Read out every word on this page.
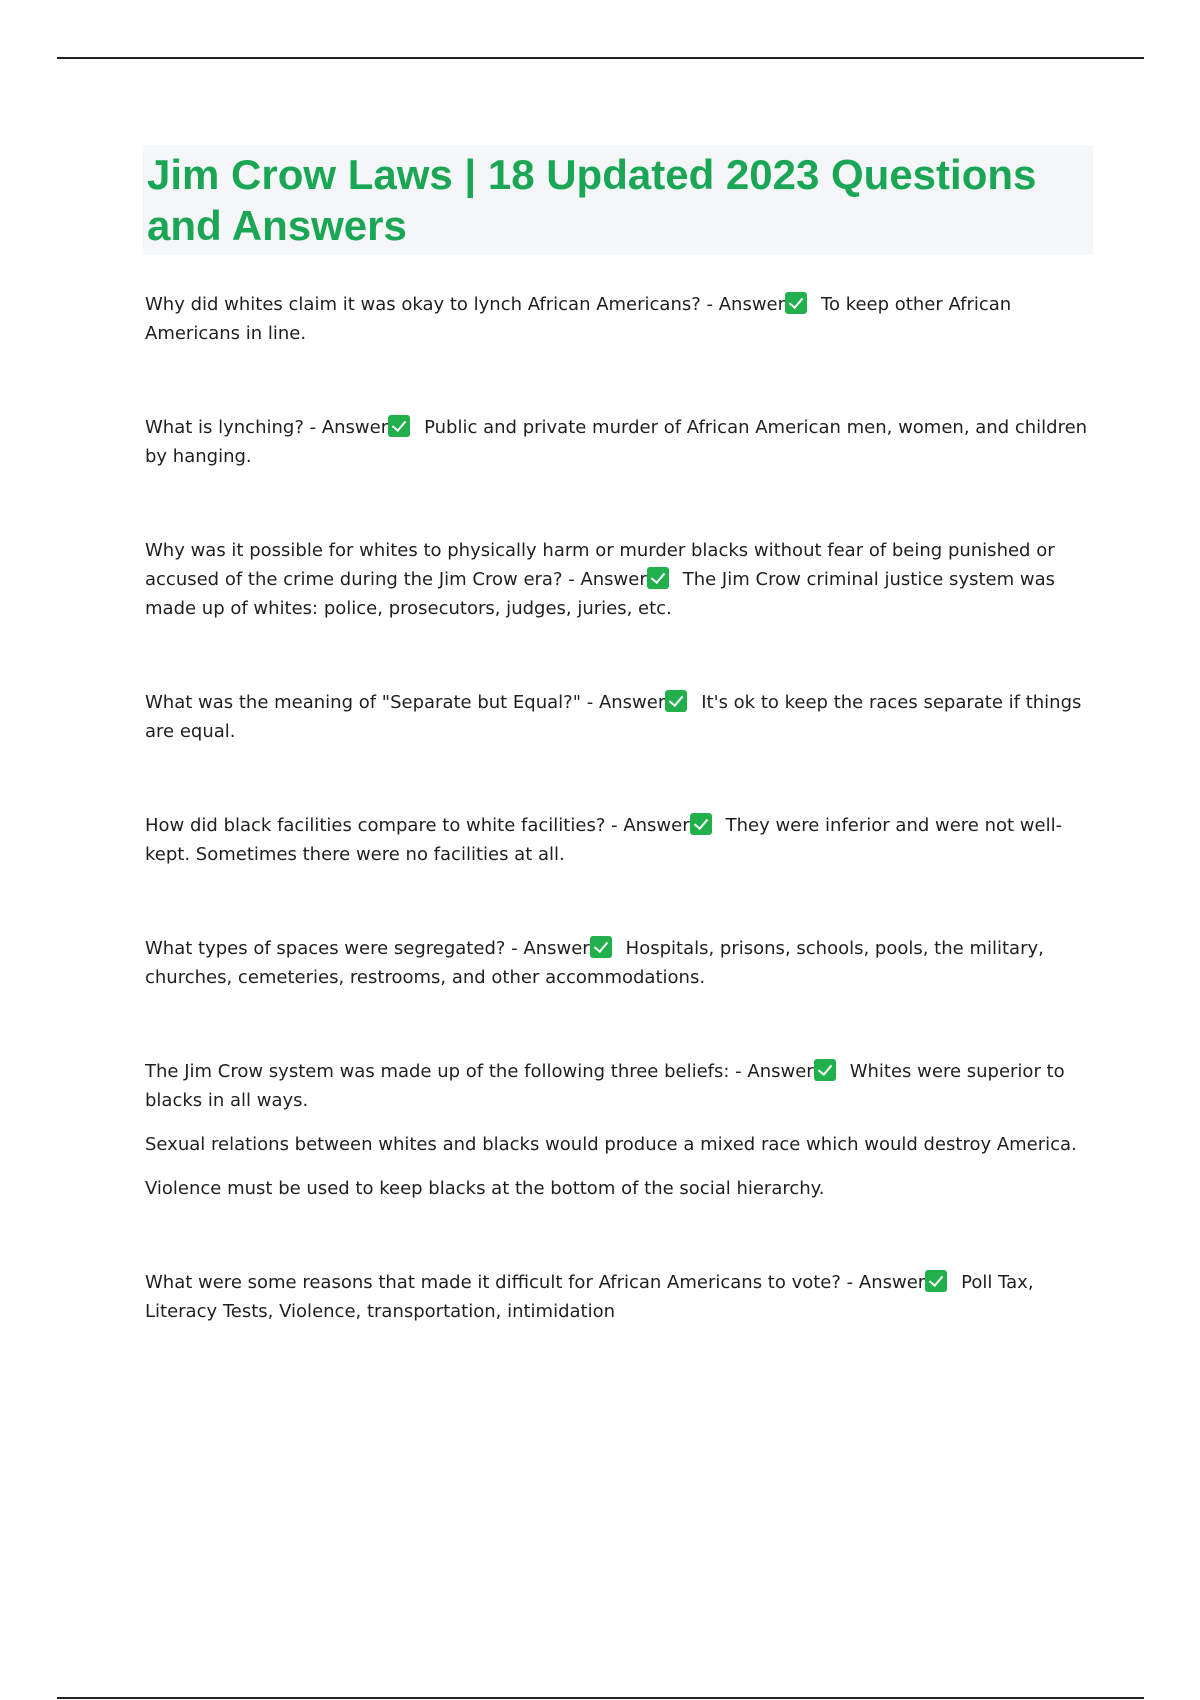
Jim Crow Laws | 18 Updated 2023 Questions and Answers

Why did whites claim it was okay to lynch African Americans? - Answer To keep other African Americans in line.

What is lynching? - Answer Public and private murder of African American men, women, and children by hanging.

Why was it possible for whites to physically harm or murder blacks without fear of being punished or accused of the crime during the Jim Crow era? - Answer The Jim Crow criminal justice system was made up of whites: police, prosecutors, judges, juries, etc.

What was the meaning of "Separate but Equal?" - Answer It's ok to keep the races separate if things are equal.

How did black facilities compare to white facilities? - Answer They were inferior and were not well-kept. Sometimes there were no facilities at all.

What types of spaces were segregated? - Answer Hospitals, prisons, schools, pools, the military, churches, cemeteries, restrooms, and other accommodations.

The Jim Crow system was made up of the following three beliefs: - Answer Whites were superior to blacks in all ways.

Sexual relations between whites and blacks would produce a mixed race which would destroy America.

Violence must be used to keep blacks at the bottom of the social hierarchy.

What were some reasons that made it difficult for African Americans to vote? - Answer Poll Tax, Literacy Tests, Violence, transportation, intimidation
